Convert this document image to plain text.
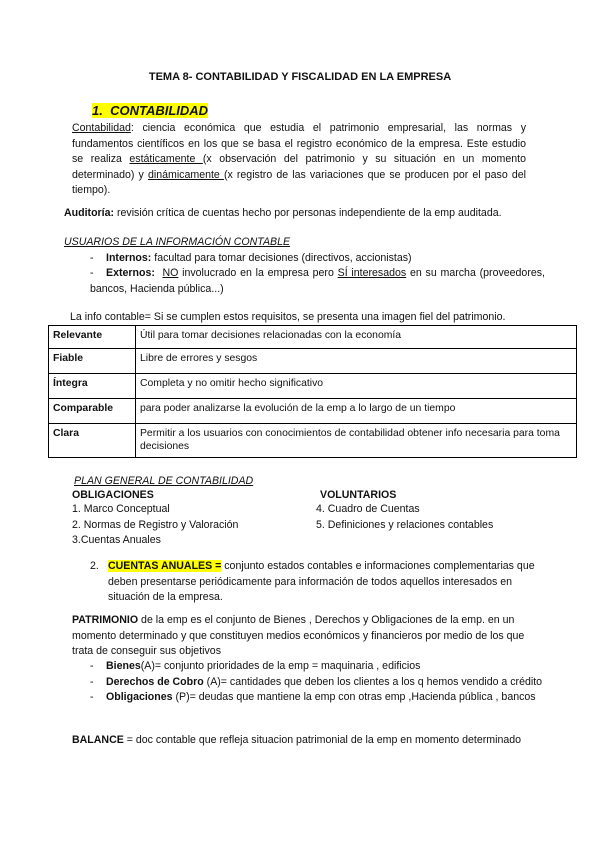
TEMA 8- CONTABILIDAD Y FISCALIDAD EN LA EMPRESA
1. CONTABILIDAD
Contabilidad: ciencia económica que estudia el patrimonio empresarial, las normas y fundamentos científicos en los que se basa el registro económico de la empresa. Este estudio se realiza estáticamente (x observación del patrimonio y su situación en un momento determinado) y dinámicamente (x registro de las variaciones que se producen por el paso del tiempo).
Auditoría: revisión crítica de cuentas hecho por personas independiente de la emp auditada.
USUARIOS DE LA INFORMACIÓN CONTABLE
- Internos: facultad para tomar decisiones (directivos, accionistas)
- Externos: NO involucrado en la empresa pero SÍ interesados en su marcha (proveedores, bancos, Hacienda pública...)
La info contable= Si se cumplen estos requisitos, se presenta una imagen fiel del patrimonio.
Relevante	Útil para tomar decisiones relacionadas con la economía
Fiable	Libre de errores y sesgos
Íntegra	Completa y no omitir hecho significativo
Comparable	para poder analizarse la evolución de la emp a lo largo de un tiempo
Clara	Permitir a los usuarios con conocimientos de contabilidad obtener info necesaria para toma decisiones
PLAN GENERAL DE CONTABILIDAD
OBLIGACIONES	VOLUNTARIOS
1. Marco Conceptual
2. Normas de Registro y Valoración
3.Cuentas Anuales
4. Cuadro de Cuentas
5. Definiciones y relaciones contables
2. CUENTAS ANUALES = conjunto estados contables e informaciones complementarias que deben presentarse periódicamente para información de todos aquellos interesados en situación de la empresa.
PATRIMONIO de la emp es el conjunto de Bienes , Derechos y Obligaciones de la emp. en un momento determinado y que constituyen medios económicos y financieros por medio de los que trata de conseguir sus objetivos
-	Bienes(A)= conjunto prioridades de la emp = maquinaria , edificios
-	Derechos de Cobro (A)= cantidades que deben los clientes a los q hemos vendido a crédito
-	Obligaciones (P)= deudas que mantiene la emp con otras emp ,Hacienda pública , bancos
BALANCE = doc contable que refleja situacion patrimonial de la emp en momento determinado
